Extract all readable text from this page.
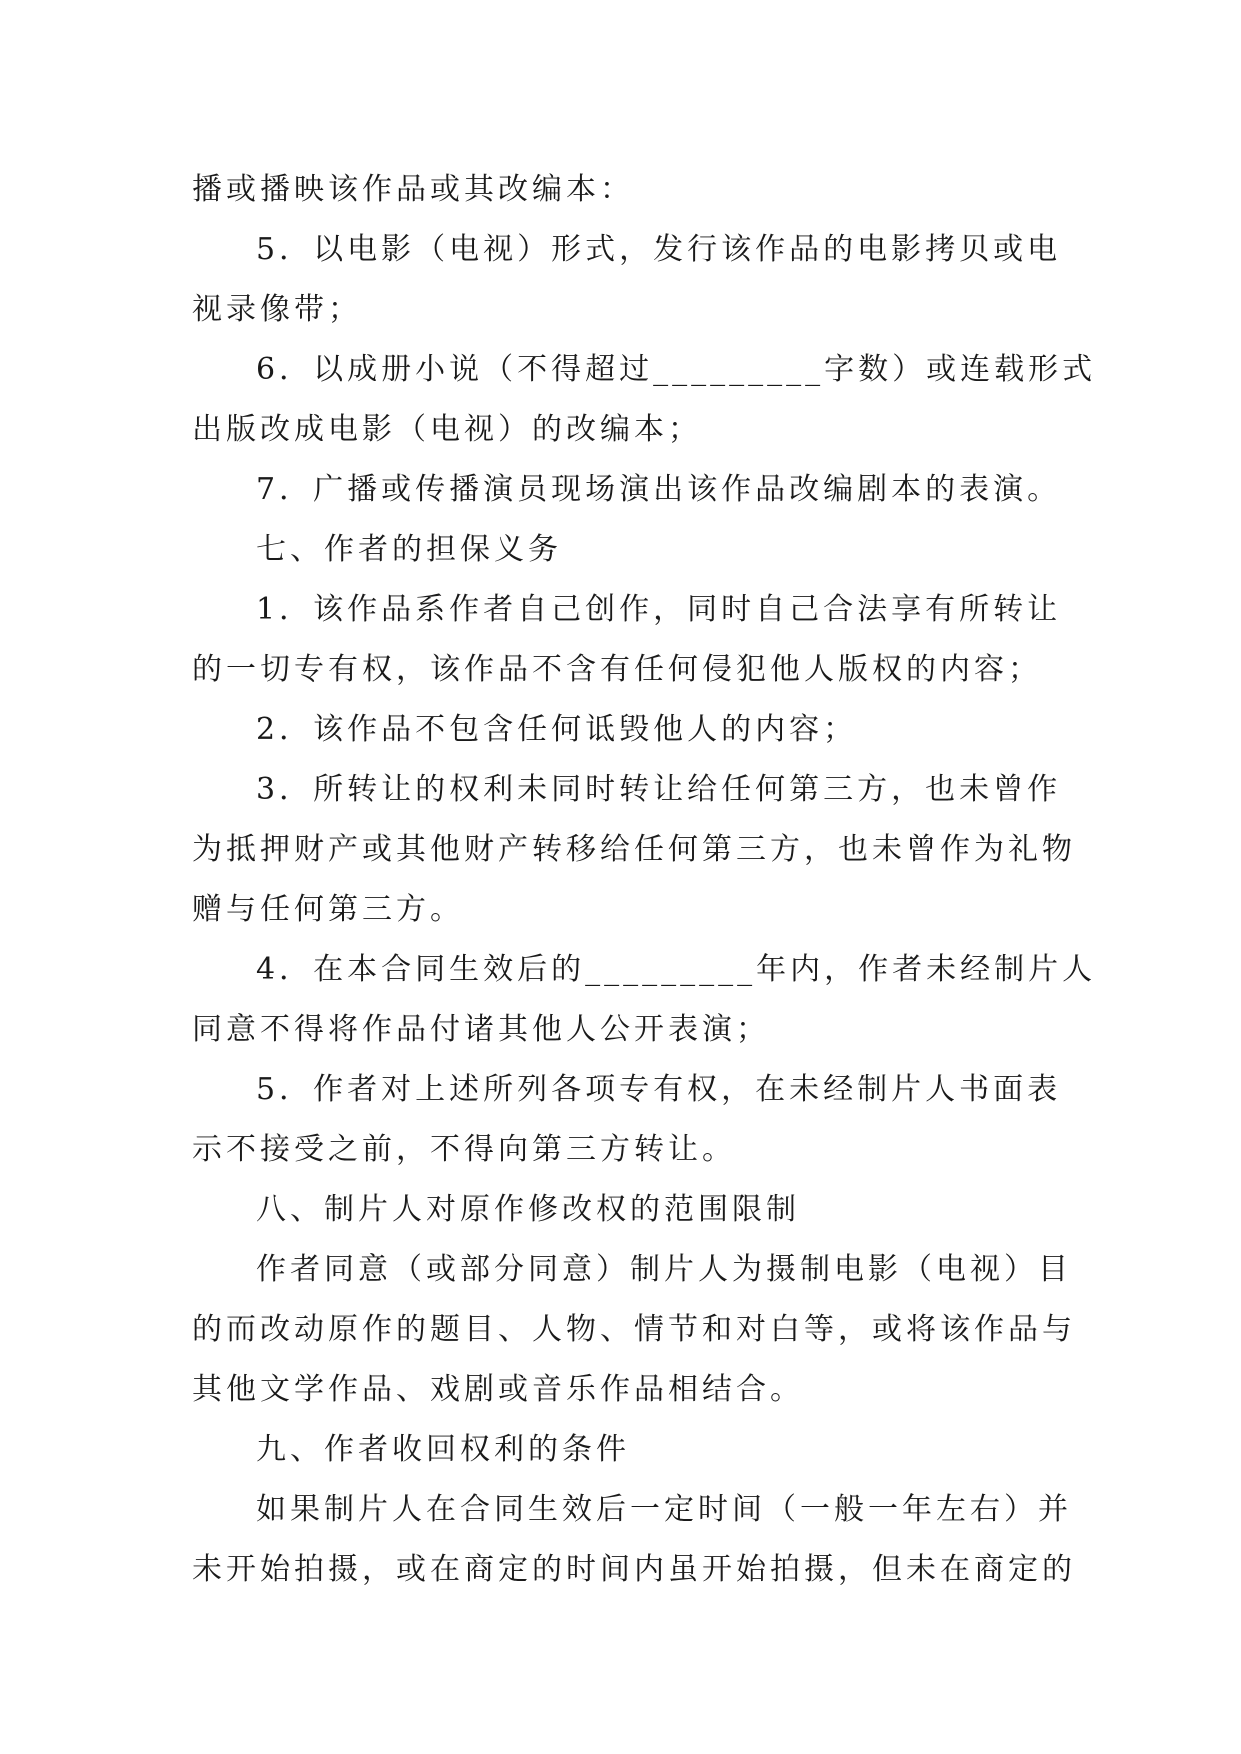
播或播映该作品或其改编本：
5．以电影（电视）形式，发行该作品的电影拷贝或电
视录像带；
6．以成册小说（不得超过_________字数）或连载形式
出版改成电影（电视）的改编本；
7．广播或传播演员现场演出该作品改编剧本的表演。
七、作者的担保义务
1．该作品系作者自己创作，同时自己合法享有所转让
的一切专有权，该作品不含有任何侵犯他人版权的内容；
2．该作品不包含任何诋毁他人的内容；
3．所转让的权利未同时转让给任何第三方，也未曾作
为抵押财产或其他财产转移给任何第三方，也未曾作为礼物
赠与任何第三方。
4．在本合同生效后的_________年内，作者未经制片人
同意不得将作品付诸其他人公开表演；
5．作者对上述所列各项专有权，在未经制片人书面表
示不接受之前，不得向第三方转让。
八、制片人对原作修改权的范围限制
作者同意（或部分同意）制片人为摄制电影（电视）目
的而改动原作的题目、人物、情节和对白等，或将该作品与
其他文学作品、戏剧或音乐作品相结合。
九、作者收回权利的条件
如果制片人在合同生效后一定时间（一般一年左右）并
未开始拍摄，或在商定的时间内虽开始拍摄，但未在商定的
